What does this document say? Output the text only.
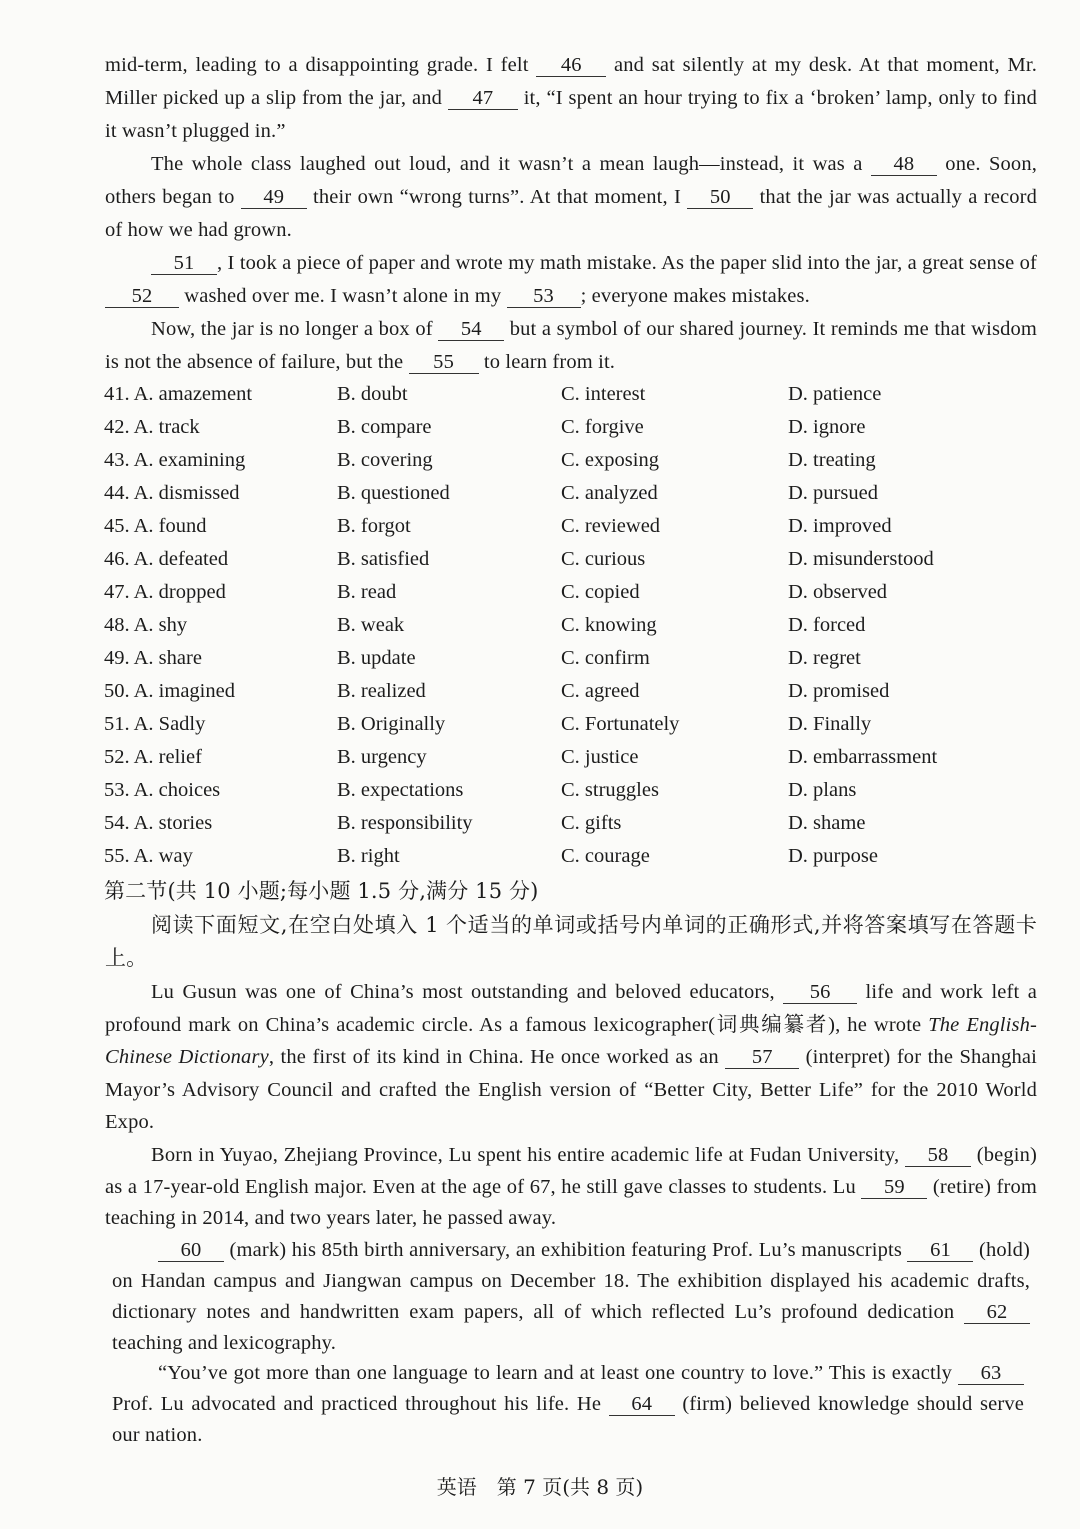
mid-term, leading to a disappointing grade. I felt 46 and sat silently at my desk. At that moment, Mr. Miller picked up a slip from the jar, and 47 it, “I spent an hour trying to fix a ‘broken’ lamp, only to find it wasn’t plugged in.”
The whole class laughed out loud, and it wasn’t a mean laugh—instead, it was a 48 one. Soon, others began to 49 their own “wrong turns”. At that moment, I 50 that the jar was actually a record of how we had grown.
51 , I took a piece of paper and wrote my math mistake. As the paper slid into the jar, a great sense of 52 washed over me. I wasn’t alone in my 53 ; everyone makes mistakes.
Now, the jar is no longer a box of 54 but a symbol of our shared journey. It reminds me that wisdom is not the absence of failure, but the 55 to learn from it.
41. A. amazement	B. doubt	C. interest	D. patience
42. A. track	B. compare	C. forgive	D. ignore
43. A. examining	B. covering	C. exposing	D. treating
44. A. dismissed	B. questioned	C. analyzed	D. pursued
45. A. found	B. forgot	C. reviewed	D. improved
46. A. defeated	B. satisfied	C. curious	D. misunderstood
47. A. dropped	B. read	C. copied	D. observed
48. A. shy	B. weak	C. knowing	D. forced
49. A. share	B. update	C. confirm	D. regret
50. A. imagined	B. realized	C. agreed	D. promised
51. A. Sadly	B. Originally	C. Fortunately	D. Finally
52. A. relief	B. urgency	C. justice	D. embarrassment
53. A. choices	B. expectations	C. struggles	D. plans
54. A. stories	B. responsibility	C. gifts	D. shame
55. A. way	B. right	C. courage	D. purpose
第二节(共 10 小题;每小题 1.5 分,满分 15 分)
阅读下面短文,在空白处填入 1 个适当的单词或括号内单词的正确形式,并将答案填写在答题卡上。
Lu Gusun was one of China’s most outstanding and beloved educators, 56 life and work left a profound mark on China’s academic circle. As a famous lexicographer(词典编纂者), he wrote The English-Chinese Dictionary, the first of its kind in China. He once worked as an 57 (interpret) for the Shanghai Mayor’s Advisory Council and crafted the English version of “Better City, Better Life” for the 2010 World Expo.
Born in Yuyao, Zhejiang Province, Lu spent his entire academic life at Fudan University, 58 (begin) as a 17-year-old English major. Even at the age of 67, he still gave classes to students. Lu 59 (retire) from teaching in 2014, and two years later, he passed away.
60 (mark) his 85th birth anniversary, an exhibition featuring Prof. Lu’s manuscripts 61 (hold) on Handan campus and Jiangwan campus on December 18. The exhibition displayed his academic drafts, dictionary notes and handwritten exam papers, all of which reflected Lu’s profound dedication 62 teaching and lexicography.
“You’ve got more than one language to learn and at least one country to love.” This is exactly 63 Prof. Lu advocated and practiced throughout his life. He 64 (firm) believed knowledge should serve our nation.
英语　第 7 页(共 8 页)
